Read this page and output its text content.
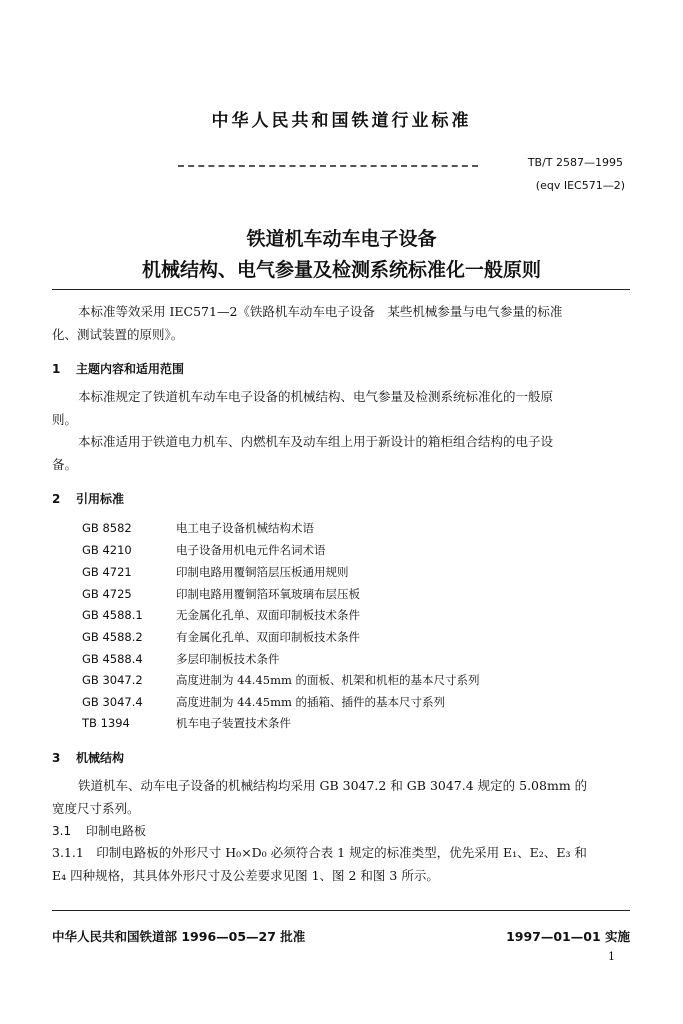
中华人民共和国铁道行业标准
TB/T 2587—1995
(eqv IEC571—2)
铁道机车动车电子设备
机械结构、电气参量及检测系统标准化一般原则
本标准等效采用 IEC571—2《铁路机车动车电子设备　某些机械参量与电气参量的标准
化、测试装置的原则》。
1 主题内容和适用范围
本标准规定了铁道机车动车电子设备的机械结构、电气参量及检测系统标准化的一般原
则。
本标准适用于铁道电力机车、内燃机车及动车组上用于新设计的箱柜组合结构的电子设
备。
2 引用标准
GB 8582	电工电子设备机械结构术语
GB 4210	电子设备用机电元件名词术语
GB 4721	印制电路用覆铜箔层压板通用规则
GB 4725	印制电路用覆铜箔环氧玻璃布层压板
GB 4588.1	无金属化孔单、双面印制板技术条件
GB 4588.2	有金属化孔单、双面印制板技术条件
GB 4588.4	多层印制板技术条件
GB 3047.2	高度进制为 44.45mm 的面板、机架和机柜的基本尺寸系列
GB 3047.4	高度进制为 44.45mm 的插箱、插件的基本尺寸系列
TB 1394	机车电子装置技术条件
3 机械结构
铁道机车、动车电子设备的机械结构均采用 GB 3047.2 和 GB 3047.4 规定的 5.08mm 的
宽度尺寸系列。
3.1 印制电路板
3.1.1　印制电路板的外形尺寸 H₀×D₀ 必须符合表 1 规定的标准类型，优先采用 E₁、E₂、E₃ 和
E₄ 四种规格，其具体外形尺寸及公差要求见图 1、图 2 和图 3 所示。
中华人民共和国铁道部 1996—05—27 批准	1997—01—01 实施
1
